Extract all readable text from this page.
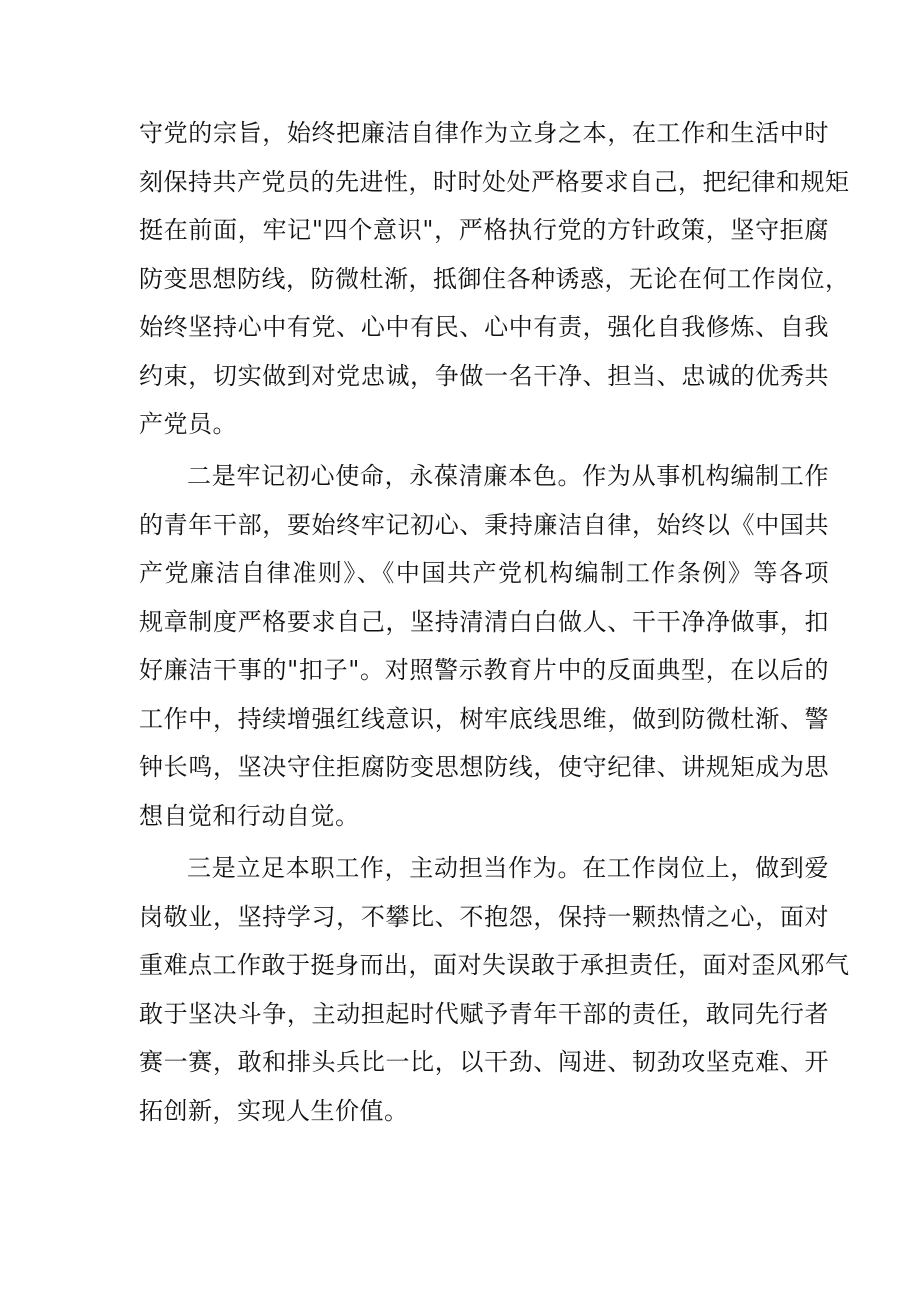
守党的宗旨，始终把廉洁自律作为立身之本，在工作和生活中时
刻保持共产党员的先进性，时时处处严格要求自己，把纪律和规矩
挺在前面，牢记"四个意识"，严格执行党的方针政策，坚守拒腐
防变思想防线，防微杜渐，抵御住各种诱惑，无论在何工作岗位，
始终坚持心中有党、心中有民、心中有责，强化自我修炼、自我
约束，切实做到对党忠诚，争做一名干净、担当、忠诚的优秀共
产党员。
二是牢记初心使命，永葆清廉本色。作为从事机构编制工作
的青年干部，要始终牢记初心、秉持廉洁自律，始终以《中国共
产党廉洁自律准则》、《中国共产党机构编制工作条例》等各项
规章制度严格要求自己，坚持清清白白做人、干干净净做事，扣
好廉洁干事的"扣子"。对照警示教育片中的反面典型，在以后的
工作中，持续增强红线意识，树牢底线思维，做到防微杜渐、警
钟长鸣，坚决守住拒腐防变思想防线，使守纪律、讲规矩成为思
想自觉和行动自觉。
三是立足本职工作，主动担当作为。在工作岗位上，做到爱
岗敬业，坚持学习，不攀比、不抱怨，保持一颗热情之心，面对
重难点工作敢于挺身而出，面对失误敢于承担责任，面对歪风邪气
敢于坚决斗争，主动担起时代赋予青年干部的责任，敢同先行者
赛一赛，敢和排头兵比一比，以干劲、闯进、韧劲攻坚克难、开
拓创新，实现人生价值。
